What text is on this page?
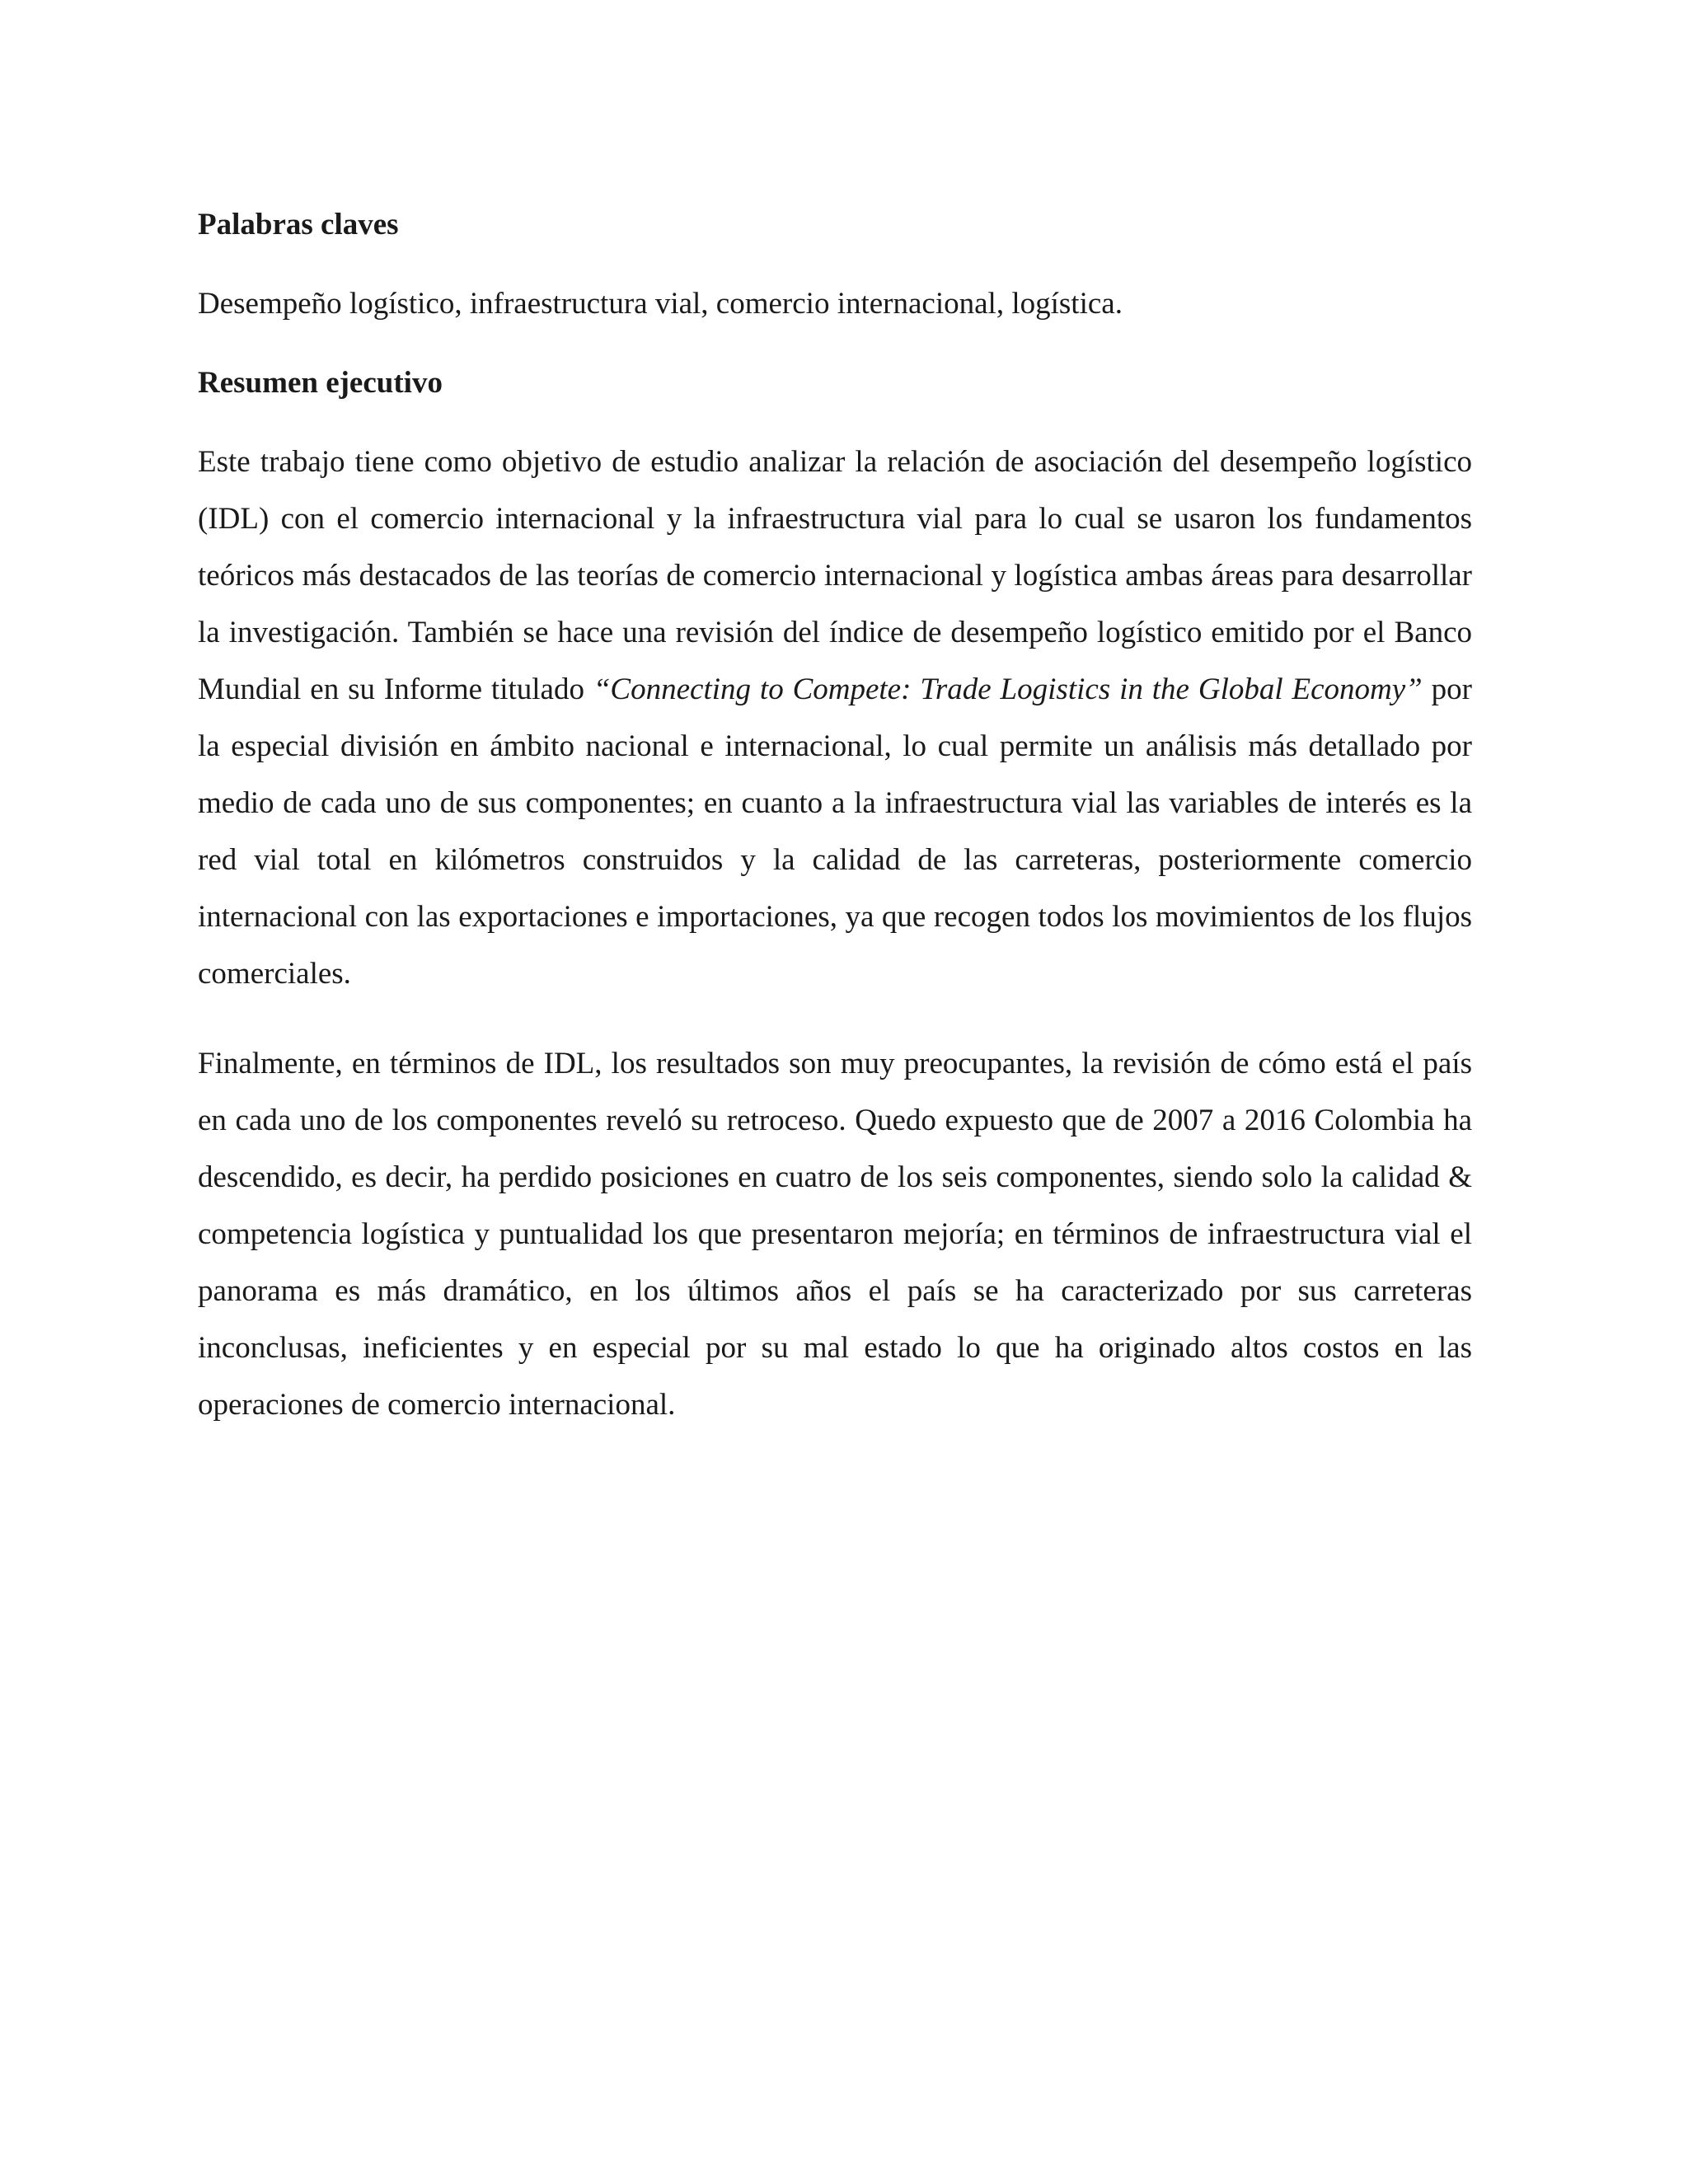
Palabras claves

Desempeño logístico, infraestructura vial, comercio internacional, logística.

Resumen ejecutivo

Este trabajo tiene como objetivo de estudio analizar la relación de asociación del desempeño logístico (IDL) con el comercio internacional y la infraestructura vial para lo cual se usaron los fundamentos teóricos más destacados de las teorías de comercio internacional y logística ambas áreas para desarrollar la investigación. También se hace una revisión del índice de desempeño logístico emitido por el Banco Mundial en su Informe titulado “Connecting to Compete: Trade Logistics in the Global Economy” por la especial división en ámbito nacional e internacional, lo cual permite un análisis más detallado por medio de cada uno de sus componentes; en cuanto a la infraestructura vial las variables de interés es la red vial total en kilómetros construidos y la calidad de las carreteras, posteriormente comercio internacional con las exportaciones e importaciones, ya que recogen todos los movimientos de los flujos comerciales.

Finalmente, en términos de IDL, los resultados son muy preocupantes, la revisión de cómo está el país en cada uno de los componentes reveló su retroceso. Quedo expuesto que de 2007 a 2016 Colombia ha descendido, es decir, ha perdido posiciones en cuatro de los seis componentes, siendo solo la calidad & competencia logística y puntualidad los que presentaron mejoría; en términos de infraestructura vial el panorama es más dramático, en los últimos años el país se ha caracterizado por sus carreteras inconclusas, ineficientes y en especial por su mal estado lo que ha originado altos costos en las operaciones de comercio internacional.
